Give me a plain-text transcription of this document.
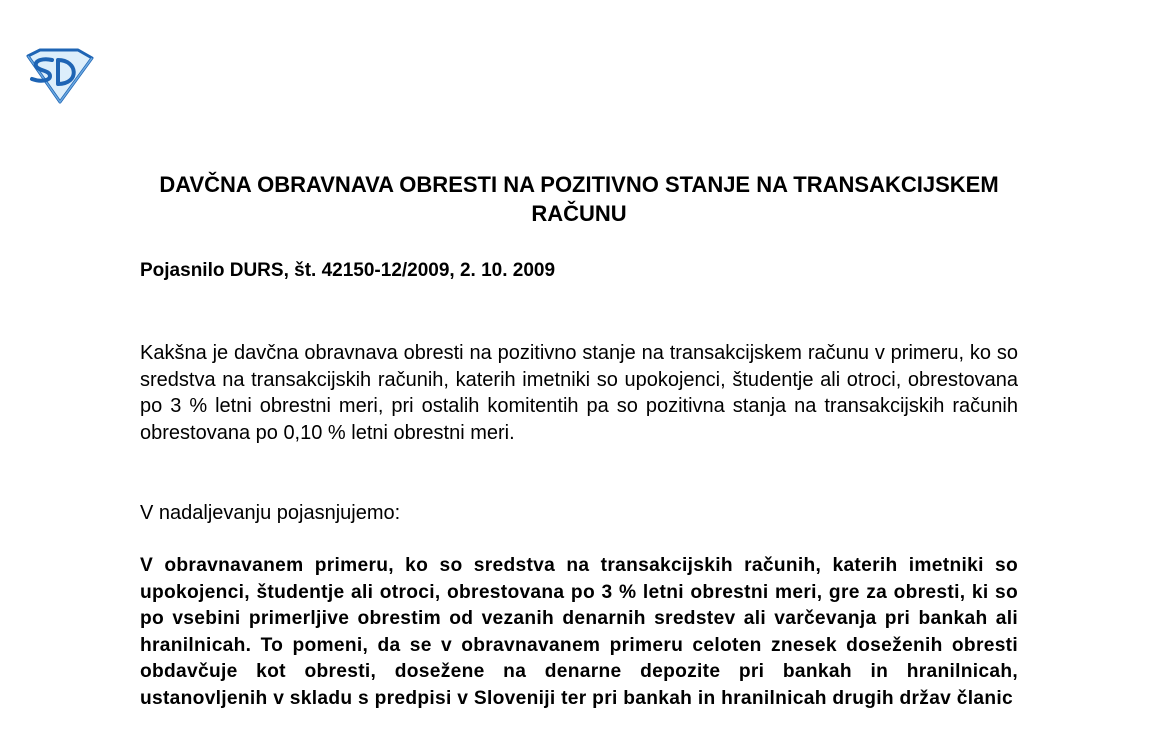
DAVČNA OBRAVNAVA OBRESTI NA POZITIVNO STANJE NA TRANSAKCIJSKEM RAČUNU
Pojasnilo DURS, št. 42150-12/2009, 2. 10. 2009

Kakšna je davčna obravnava obresti na pozitivno stanje na transakcijskem računu v primeru, ko so sredstva na transakcijskih računih, katerih imetniki so upokojenci, študentje ali otroci, obrestovana po 3 % letni obrestni meri, pri ostalih komitentih pa so pozitivna stanja na transakcijskih računih obrestovana po 0,10 % letni obrestni meri.

V nadaljevanju pojasnjujemo:

V obravnavanem primeru, ko so sredstva na transakcijskih računih, katerih imetniki so upokojenci, študentje ali otroci, obrestovana po 3 % letni obrestni meri, gre za obresti, ki so po vsebini primerljive obrestim od vezanih denarnih sredstev ali varčevanja pri bankah ali hranilnicah. To pomeni, da se v obravnavanem primeru celoten znesek doseženih obresti obdavčuje kot obresti, dosežene na denarne depozite pri bankah in hranilnicah, ustanovljenih v skladu s predpisi v Sloveniji ter pri bankah in hranilnicah drugih držav članic
